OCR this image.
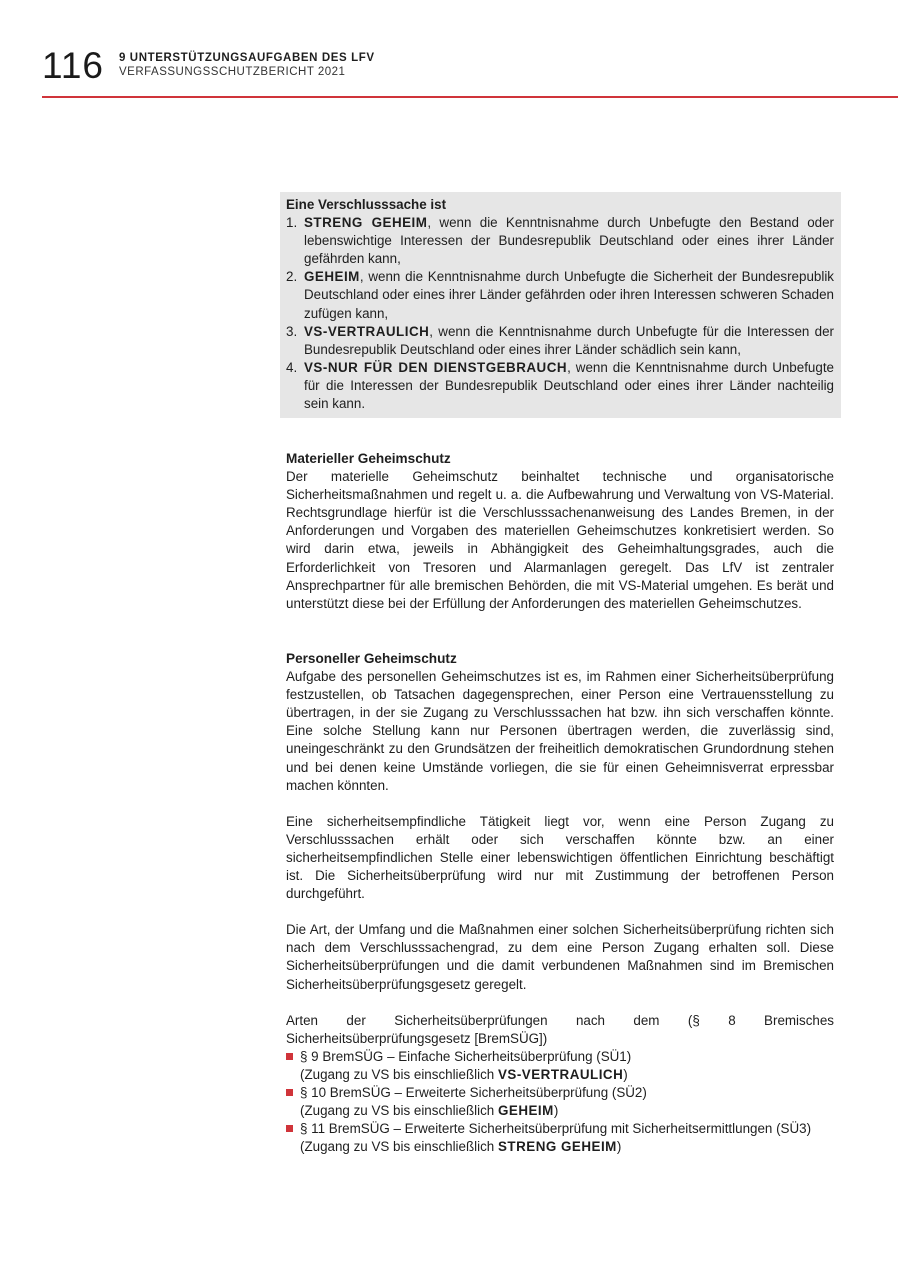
116 9 UNTERSTÜTZUNGSAUFGABEN DES LFV
VERFASSUNGSSCHUTZBERICHT 2021
Eine Verschlusssache ist
1. STRENG GEHEIM, wenn die Kenntnisnahme durch Unbefugte den Bestand oder lebenswichtige Interessen der Bundesrepublik Deutschland oder eines ihrer Länder gefährden kann,
2. GEHEIM, wenn die Kenntnisnahme durch Unbefugte die Sicherheit der Bundesrepublik Deutschland oder eines ihrer Länder gefährden oder ihren Interessen schweren Schaden zufügen kann,
3. VS-VERTRAULICH, wenn die Kenntnisnahme durch Unbefugte für die Interessen der Bundesrepublik Deutschland oder eines ihrer Länder schädlich sein kann,
4. VS-NUR FÜR DEN DIENSTGEBRAUCH, wenn die Kenntnisnahme durch Unbefugte für die Interessen der Bundesrepublik Deutschland oder eines ihrer Länder nachteilig sein kann.
Materieller Geheimschutz

Der materielle Geheimschutz beinhaltet technische und organisatorische Sicherheitsmaßnahmen und regelt u. a. die Aufbewahrung und Verwaltung von VS-Material. Rechtsgrundlage hierfür ist die Verschlusssachenanweisung des Landes Bremen, in der Anforderungen und Vorgaben des materiellen Geheimschutzes konkretisiert werden. So wird darin etwa, jeweils in Abhängigkeit des Geheimhaltungsgrades, auch die Erforderlichkeit von Tresoren und Alarmanlagen geregelt. Das LfV ist zentraler Ansprechpartner für alle bremischen Behörden, die mit VS-Material umgehen. Es berät und unterstützt diese bei der Erfüllung der Anforderungen des materiellen Geheimschutzes.

Personeller Geheimschutz

Aufgabe des personellen Geheimschutzes ist es, im Rahmen einer Sicherheitsüberprüfung festzustellen, ob Tatsachen dagegensprechen, einer Person eine Vertrauensstellung zu übertragen, in der sie Zugang zu Verschlusssachen hat bzw. ihn sich verschaffen könnte. Eine solche Stellung kann nur Personen übertragen werden, die zuverlässig sind, uneingeschränkt zu den Grundsätzen der freiheitlich demokratischen Grundordnung stehen und bei denen keine Umstände vorliegen, die sie für einen Geheimnisverrat erpressbar machen könnten.

Eine sicherheitsempfindliche Tätigkeit liegt vor, wenn eine Person Zugang zu Verschlusssachen erhält oder sich verschaffen könnte bzw. an einer sicherheitsempfindlichen Stelle einer lebenswichtigen öffentlichen Einrichtung beschäftigt ist. Die Sicherheitsüberprüfung wird nur mit Zustimmung der betroffenen Person durchgeführt.

Die Art, der Umfang und die Maßnahmen einer solchen Sicherheitsüberprüfung richten sich nach dem Verschlusssachengrad, zu dem eine Person Zugang erhalten soll. Diese Sicherheitsüberprüfungen und die damit verbundenen Maßnahmen sind im Bremischen Sicherheitsüberprüfungsgesetz geregelt.

Arten der Sicherheitsüberprüfungen nach dem (§ 8 Bremisches Sicherheitsüberprüfungsgesetz [BremSÜG])

§ 9 BremSÜG – Einfache Sicherheitsüberprüfung (SÜ1)
(Zugang zu VS bis einschließlich VS-VERTRAULICH)
§ 10 BremSÜG – Erweiterte Sicherheitsüberprüfung (SÜ2)
(Zugang zu VS bis einschließlich GEHEIM)
§ 11 BremSÜG – Erweiterte Sicherheitsüberprüfung mit Sicherheitsermittlungen (SÜ3)
(Zugang zu VS bis einschließlich STRENG GEHEIM)
